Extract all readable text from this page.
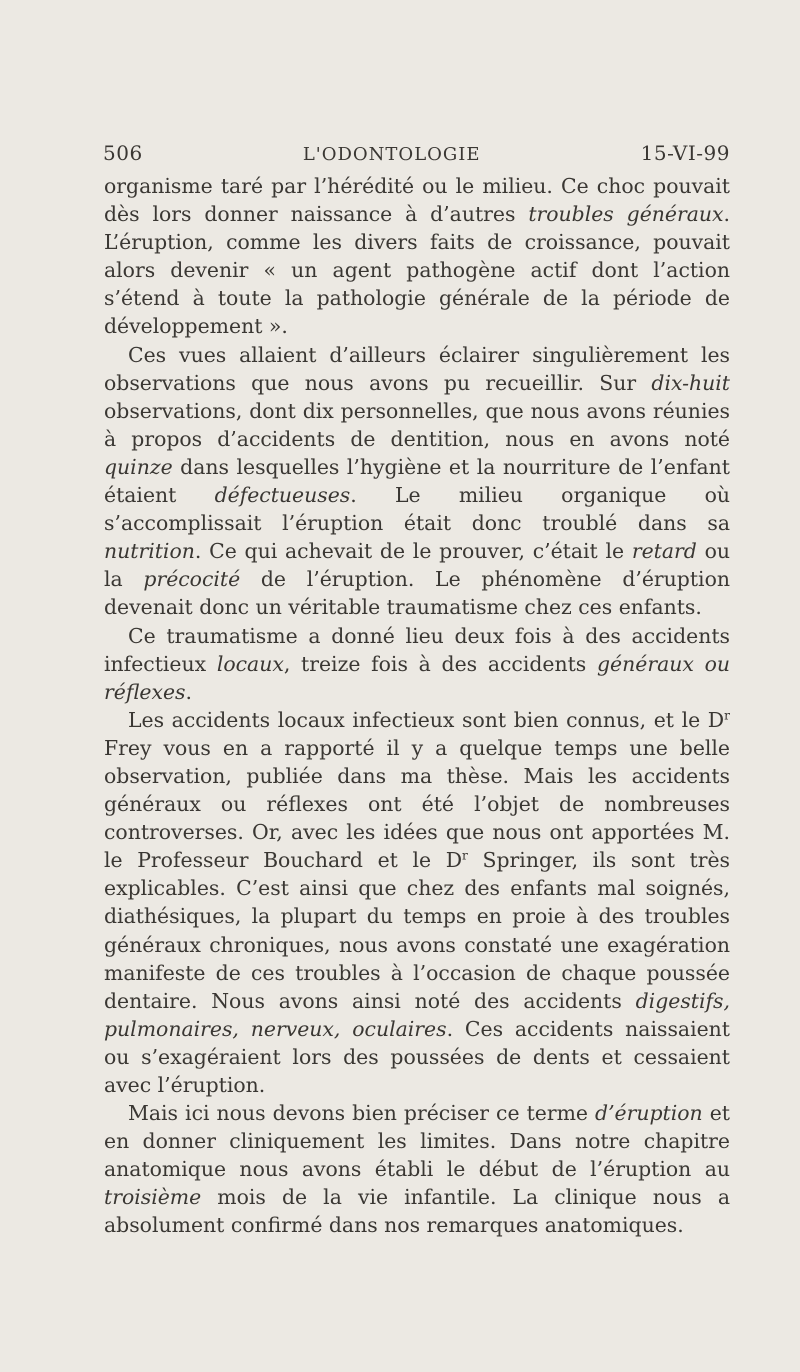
506	L'ODONTOLOGIE	15-VI-99

organisme taré par l’hérédité ou le milieu. Ce choc pouvait dès lors donner naissance à d’autres troubles généraux. L’éruption, comme les divers faits de croissance, pouvait alors devenir « un agent pathogène actif dont l’action s’étend à toute la pathologie générale de la période de développement ».

Ces vues allaient d’ailleurs éclairer singulièrement les observations que nous avons pu recueillir. Sur dix-huit observations, dont dix personnelles, que nous avons réunies à propos d’accidents de dentition, nous en avons noté quinze dans lesquelles l’hygiène et la nourriture de l’enfant étaient défectueuses. Le milieu organique où s’accomplissait l’éruption était donc troublé dans sa nutrition. Ce qui achevait de le prouver, c’était le retard ou la précocité de l’éruption. Le phénomène d’éruption devenait donc un véritable traumatisme chez ces enfants.

Ce traumatisme a donné lieu deux fois à des accidents infectieux locaux, treize fois à des accidents généraux ou réflexes.

Les accidents locaux infectieux sont bien connus, et le $D^r$ Frey vous en a rapporté il y a quelque temps une belle observation, publiée dans ma thèse. Mais les accidents généraux ou réflexes ont été l’objet de nombreuses controverses. Or, avec les idées que nous ont apportées M. le Professeur Bouchard et le $D^r$ Springer, ils sont très explicables. C’est ainsi que chez des enfants mal soignés, diathésiques, la plupart du temps en proie à des troubles généraux chroniques, nous avons constaté une exagération manifeste de ces troubles à l’occasion de chaque poussée dentaire. Nous avons ainsi noté des accidents digestifs, pulmonaires, nerveux, oculaires. Ces accidents naissaient ou s’exagéraient lors des poussées de dents et cessaient avec l’éruption.

Mais ici nous devons bien préciser ce terme d’éruption et en donner cliniquement les limites. Dans notre chapitre anatomique nous avons établi le début de l’éruption au troisième mois de la vie infantile. La clinique nous a absolument confirmé dans nos remarques anatomiques.
